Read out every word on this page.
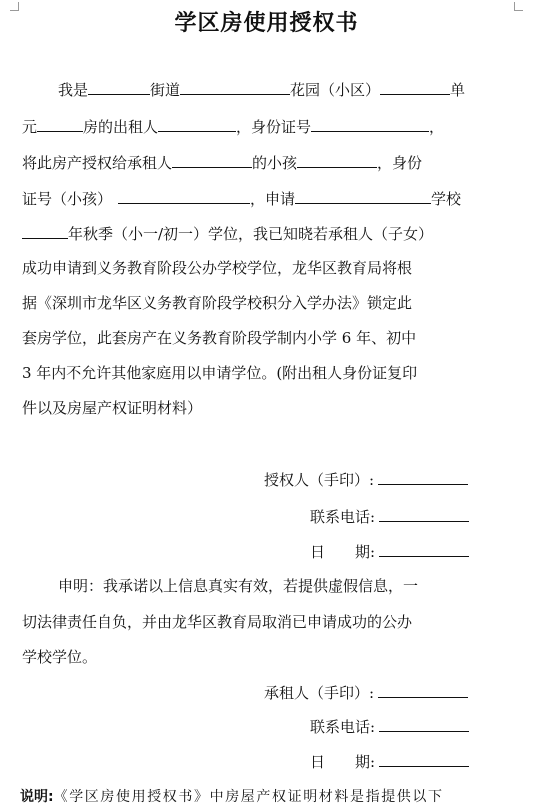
学区房使用授权书
我是	街道	花园（小区）	单
元	房的出租人	，身份证号	，
将此房产授权给承租人	的小孩	，身份
证号（小孩）	，申请	学校
年秋季（小一/初一）学位，我已知晓若承租人（子女）
成功申请到义务教育阶段公办学校学位，龙华区教育局将根
据《深圳市龙华区义务教育阶段学校积分入学办法》锁定此
套房学位，此套房产在义务教育阶段学制内小学 6 年、初中
3 年内不允许其他家庭用以申请学位。(附出租人身份证复印
件以及房屋产权证明材料）
授权人（手印）:
联系电话:
日　　期:
申明：我承诺以上信息真实有效，若提供虚假信息，一
切法律责任自负，并由龙华区教育局取消已申请成功的公办
学校学位。
承租人（手印）:
联系电话:
日　　期:
说明:《学区房使用授权书》中房屋产权证明材料是指提供以下
